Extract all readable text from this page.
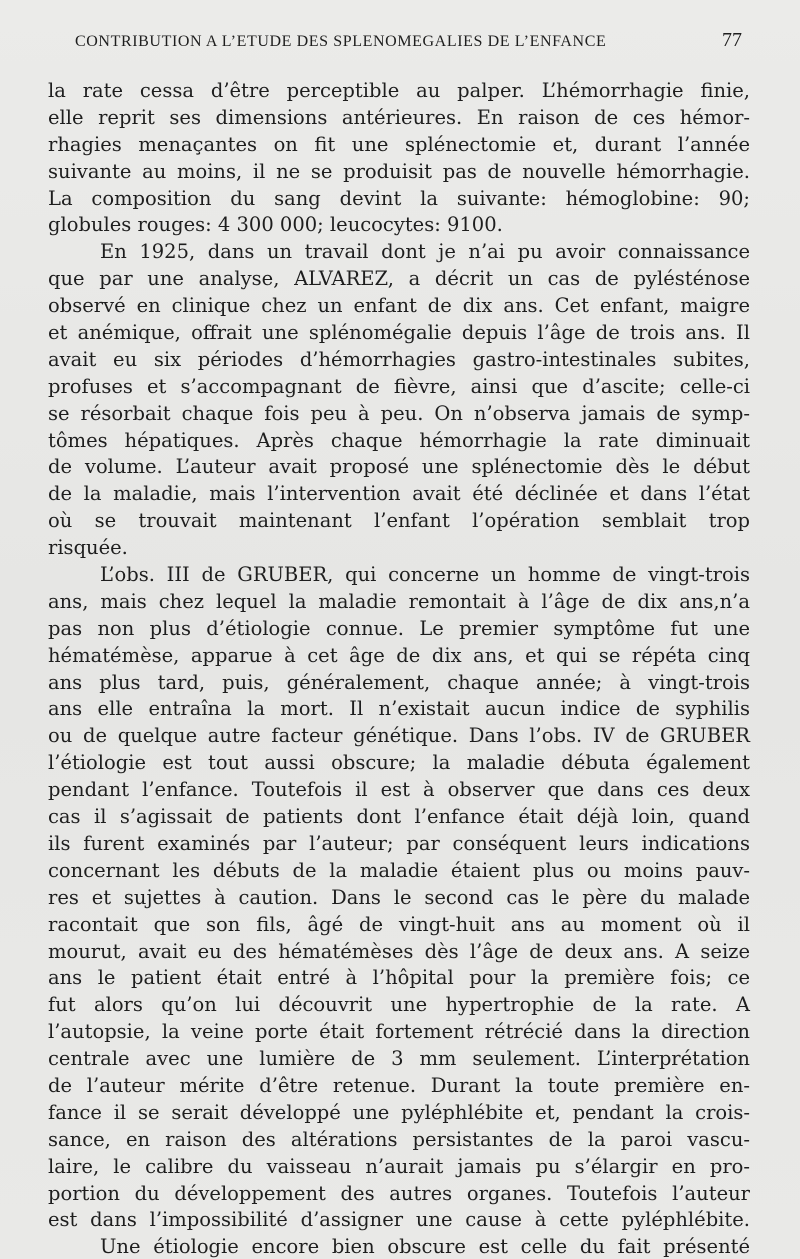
CONTRIBUTION A L’ETUDE DES SPLENOMEGALIES DE L’ENFANCE	77
la rate cessa d’être perceptible au palper. L’hémorrhagie finie,
elle reprit ses dimensions antérieures. En raison de ces hémor-
rhagies menaçantes on fit une splénectomie et, durant l’année
suivante au moins, il ne se produisit pas de nouvelle hémorrhagie.
La composition du sang devint la suivante: hémoglobine: 90;
globules rouges: 4 300 000; leucocytes: 9100.
En 1925, dans un travail dont je n’ai pu avoir connaissance
que par une analyse, ALVAREZ, a décrit un cas de pylésténose
observé en clinique chez un enfant de dix ans. Cet enfant, maigre
et anémique, offrait une splénomégalie depuis l’âge de trois ans. Il
avait eu six périodes d’hémorrhagies gastro-intestinales subites,
profuses et s’accompagnant de fièvre, ainsi que d’ascite; celle-ci
se résorbait chaque fois peu à peu. On n’observa jamais de symp-
tômes hépatiques. Après chaque hémorrhagie la rate diminuait
de volume. L’auteur avait proposé une splénectomie dès le début
de la maladie, mais l’intervention avait été déclinée et dans l’état
où se trouvait maintenant l’enfant l’opération semblait trop
risquée.
L’obs. III de GRUBER, qui concerne un homme de vingt-trois
ans, mais chez lequel la maladie remontait à l’âge de dix ans,n’a
pas non plus d’étiologie connue. Le premier symptôme fut une
hématémèse, apparue à cet âge de dix ans, et qui se répéta cinq
ans plus tard, puis, généralement, chaque année; à vingt-trois
ans elle entraîna la mort. Il n’existait aucun indice de syphilis
ou de quelque autre facteur génétique. Dans l’obs. IV de GRUBER
l’étiologie est tout aussi obscure; la maladie débuta également
pendant l’enfance. Toutefois il est à observer que dans ces deux
cas il s’agissait de patients dont l’enfance était déjà loin, quand
ils furent examinés par l’auteur; par conséquent leurs indications
concernant les débuts de la maladie étaient plus ou moins pauv-
res et sujettes à caution. Dans le second cas le père du malade
racontait que son fils, âgé de vingt-huit ans au moment où il
mourut, avait eu des hématémèses dès l’âge de deux ans. A seize
ans le patient était entré à l’hôpital pour la première fois; ce
fut alors qu’on lui découvrit une hypertrophie de la rate. A
l’autopsie, la veine porte était fortement rétrécié dans la direction
centrale avec une lumière de 3 mm seulement. L’interprétation
de l’auteur mérite d’être retenue. Durant la toute première en-
fance il se serait développé une pyléphlébite et, pendant la crois-
sance, en raison des altérations persistantes de la paroi vascu-
laire, le calibre du vaisseau n’aurait jamais pu s’élargir en pro-
portion du développement des autres organes. Toutefois l’auteur
est dans l’impossibilité d’assigner une cause à cette pyléphlébite.
Une étiologie encore bien obscure est celle du fait présenté
